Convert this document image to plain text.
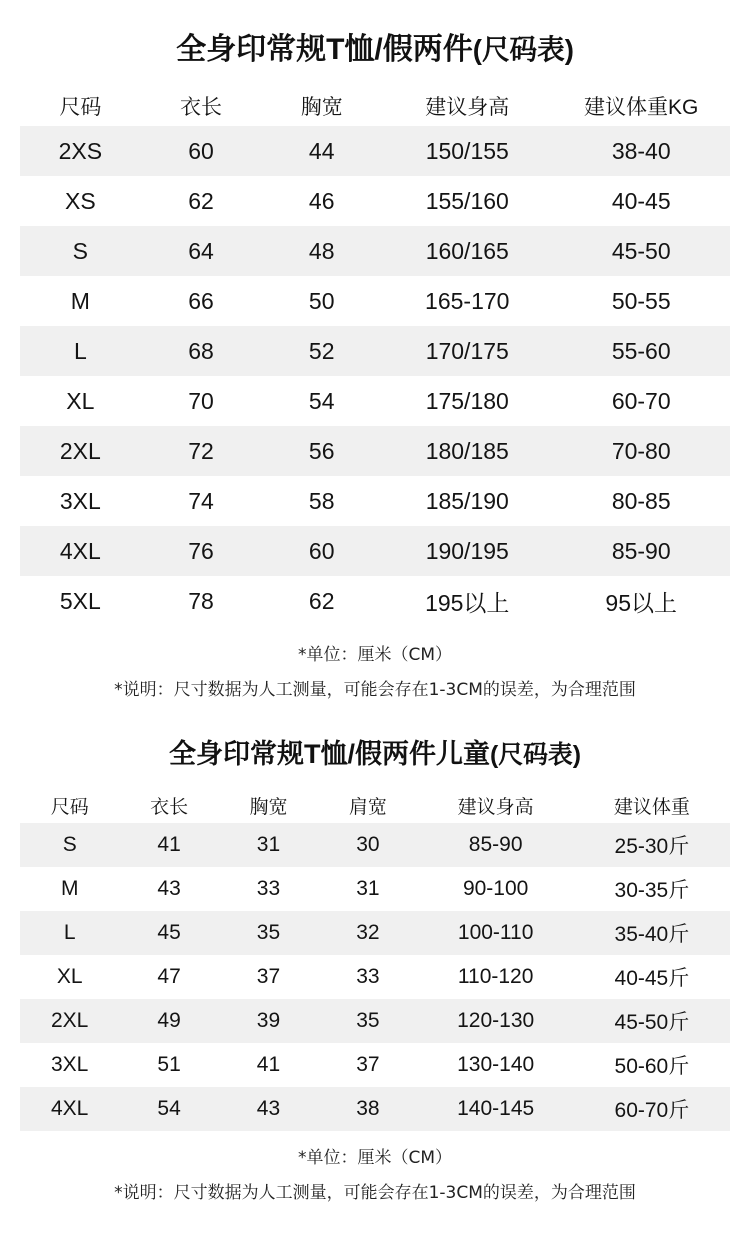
全身印常规T恤/假两件(尺码表)
尺码	衣长	胸宽	建议身高	建议体重KG
2XS	60	44	150/155	38-40
XS	62	46	155/160	40-45
S	64	48	160/165	45-50
M	66	50	165-170	50-55
L	68	52	170/175	55-60
XL	70	54	175/180	60-70
2XL	72	56	180/185	70-80
3XL	74	58	185/190	80-85
4XL	76	60	190/195	85-90
5XL	78	62	195以上	95以上
*单位：厘米（CM）
*说明：尺寸数据为人工测量，可能会存在1-3CM的误差，为合理范围
全身印常规T恤/假两件儿童(尺码表)
尺码	衣长	胸宽	肩宽	建议身高	建议体重
S	41	31	30	85-90	25-30斤
M	43	33	31	90-100	30-35斤
L	45	35	32	100-110	35-40斤
XL	47	37	33	110-120	40-45斤
2XL	49	39	35	120-130	45-50斤
3XL	51	41	37	130-140	50-60斤
4XL	54	43	38	140-145	60-70斤
*单位：厘米（CM）
*说明：尺寸数据为人工测量，可能会存在1-3CM的误差，为合理范围
